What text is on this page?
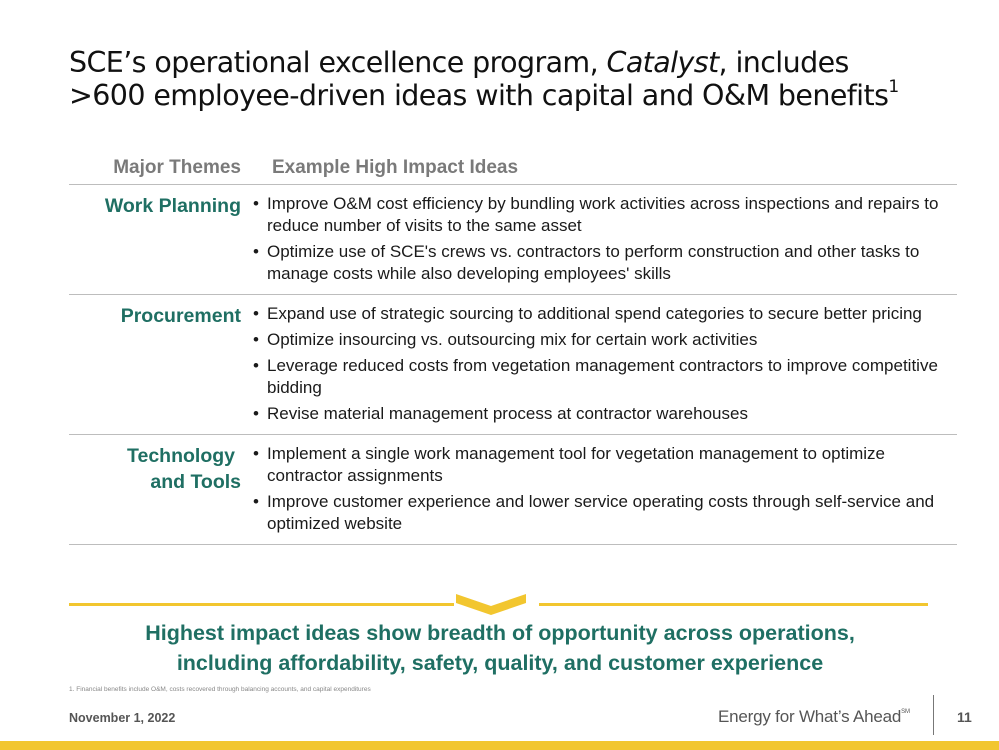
SCE’s operational excellence program, Catalyst, includes
>600 employee-driven ideas with capital and O&M benefits$^1$
Major Themes Example High Impact Ideas
Work Planning • Improve O&M cost efficiency by bundling work activities across inspections and repairs to reduce number of visits to the same asset
• Optimize use of SCE's crews vs. contractors to perform construction and other tasks to manage costs while also developing employees' skills
Procurement • Expand use of strategic sourcing to additional spend categories to secure better pricing
• Optimize insourcing vs. outsourcing mix for certain work activities
• Leverage reduced costs from vegetation management contractors to improve competitive bidding
• Revise material management process at contractor warehouses
Technology
and Tools
• Implement a single work management tool for vegetation management to optimize contractor assignments
• Improve customer experience and lower service operating costs through self-service and optimized website
Highest impact ideas show breadth of opportunity across operations,
including affordability, safety, quality, and customer experience
1. Financial benefits include O&M, costs recovered through balancing accounts, and capital expenditures
November 1, 2022	Energy for What’s Ahead℠	11
